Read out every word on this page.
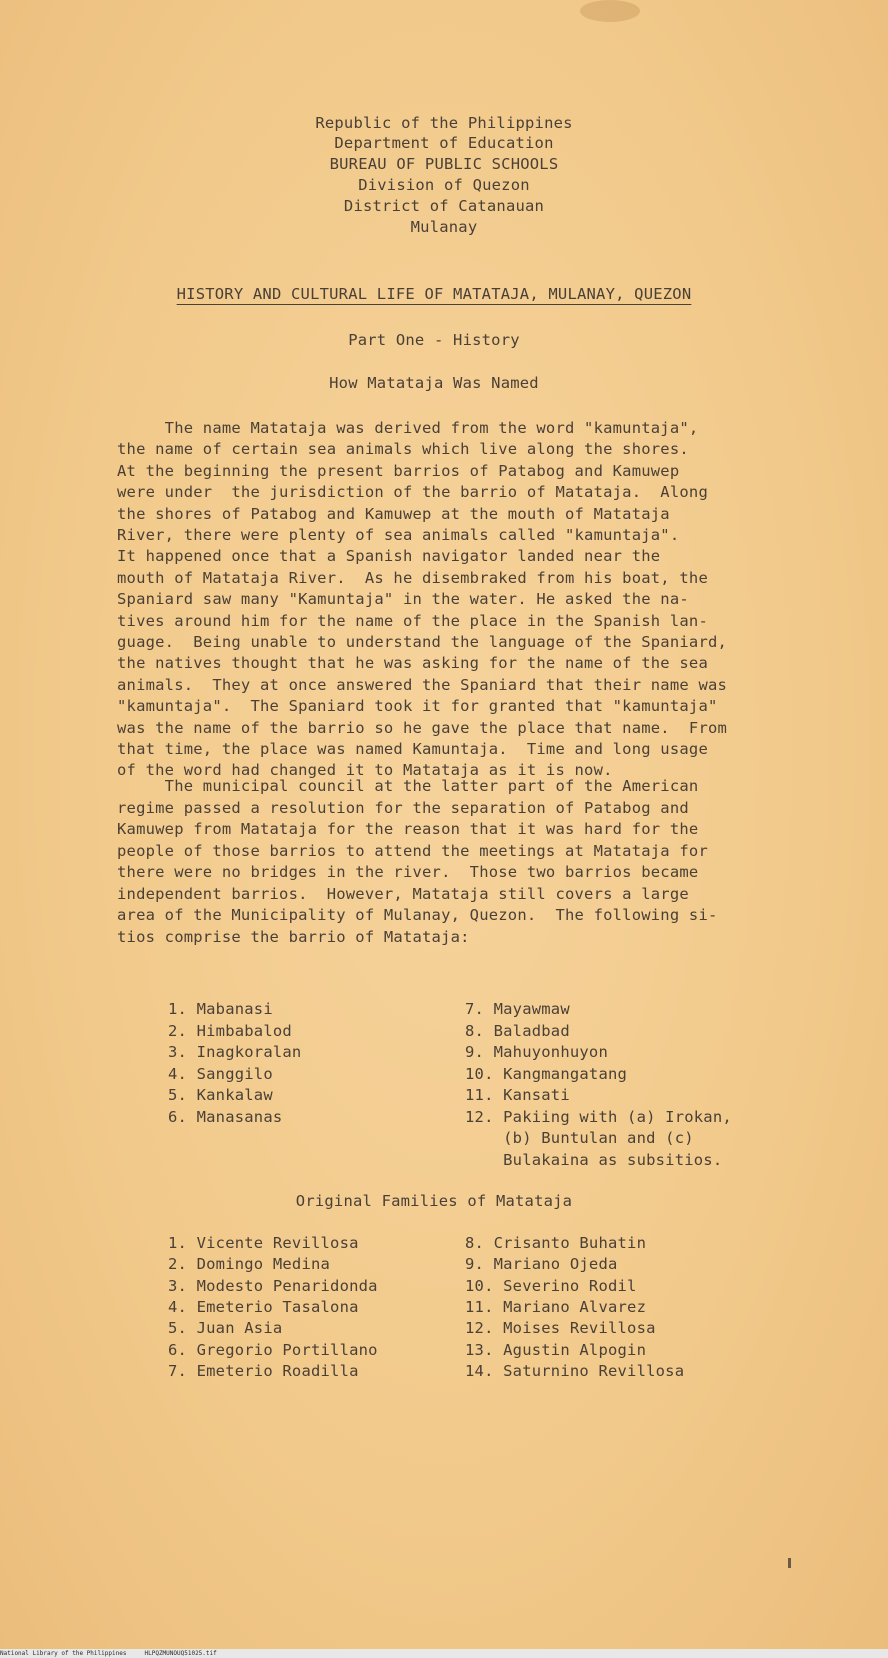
Republic of the Philippines
Department of Education
BUREAU OF PUBLIC SCHOOLS
Division of Quezon
District of Catanauan
Mulanay
HISTORY AND CULTURAL LIFE OF MATATAJA, MULANAY, QUEZON
Part One - History
How Matataja Was Named
The name Matataja was derived from the word "kamuntaja",
the name of certain sea animals which live along the shores.
At the beginning the present barrios of Patabog and Kamuwep
were under  the jurisdiction of the barrio of Matataja.  Along
the shores of Patabog and Kamuwep at the mouth of Matataja
River, there were plenty of sea animals called "kamuntaja".
It happened once that a Spanish navigator landed near the
mouth of Matataja River.  As he disembraked from his boat, the
Spaniard saw many "Kamuntaja" in the water. He asked the na-
tives around him for the name of the place in the Spanish lan-
guage.  Being unable to understand the language of the Spaniard,
the natives thought that he was asking for the name of the sea
animals.  They at once answered the Spaniard that their name was
"kamuntaja".  The Spaniard took it for granted that "kamuntaja"
was the name of the barrio so he gave the place that name.  From
that time, the place was named Kamuntaja.  Time and long usage
of the word had changed it to Matataja as it is now.
The municipal council at the latter part of the American
regime passed a resolution for the separation of Patabog and
Kamuwep from Matataja for the reason that it was hard for the
people of those barrios to attend the meetings at Matataja for
there were no bridges in the river.  Those two barrios became
independent barrios.  However, Matataja still covers a large
area of the Municipality of Mulanay, Quezon.  The following si-
tios comprise the barrio of Matataja:
1. Mabanasi
2. Himbabalod
3. Inagkoralan
4. Sanggilo
5. Kankalaw
6. Manasanas
7. Mayawmaw
8. Baladbad
9. Mahuyonhuyon
10. Kangmangatang
11. Kansati
12. Pakiing with (a) Irokan,
(b) Buntulan and (c)
Bulakaina as subsitios.
Original Families of Matataja
1. Vicente Revillosa
2. Domingo Medina
3. Modesto Penaridonda
4. Emeterio Tasalona
5. Juan Asia
6. Gregorio Portillano
7. Emeterio Roadilla
8. Crisanto Buhatin
9. Mariano Ojeda
10. Severino Rodil
11. Mariano Alvarez
12. Moises Revillosa
13. Agustin Alpogin
14. Saturnino Revillosa
National Library of the Philippines     HLPQZMUNOUQ51025.tif
